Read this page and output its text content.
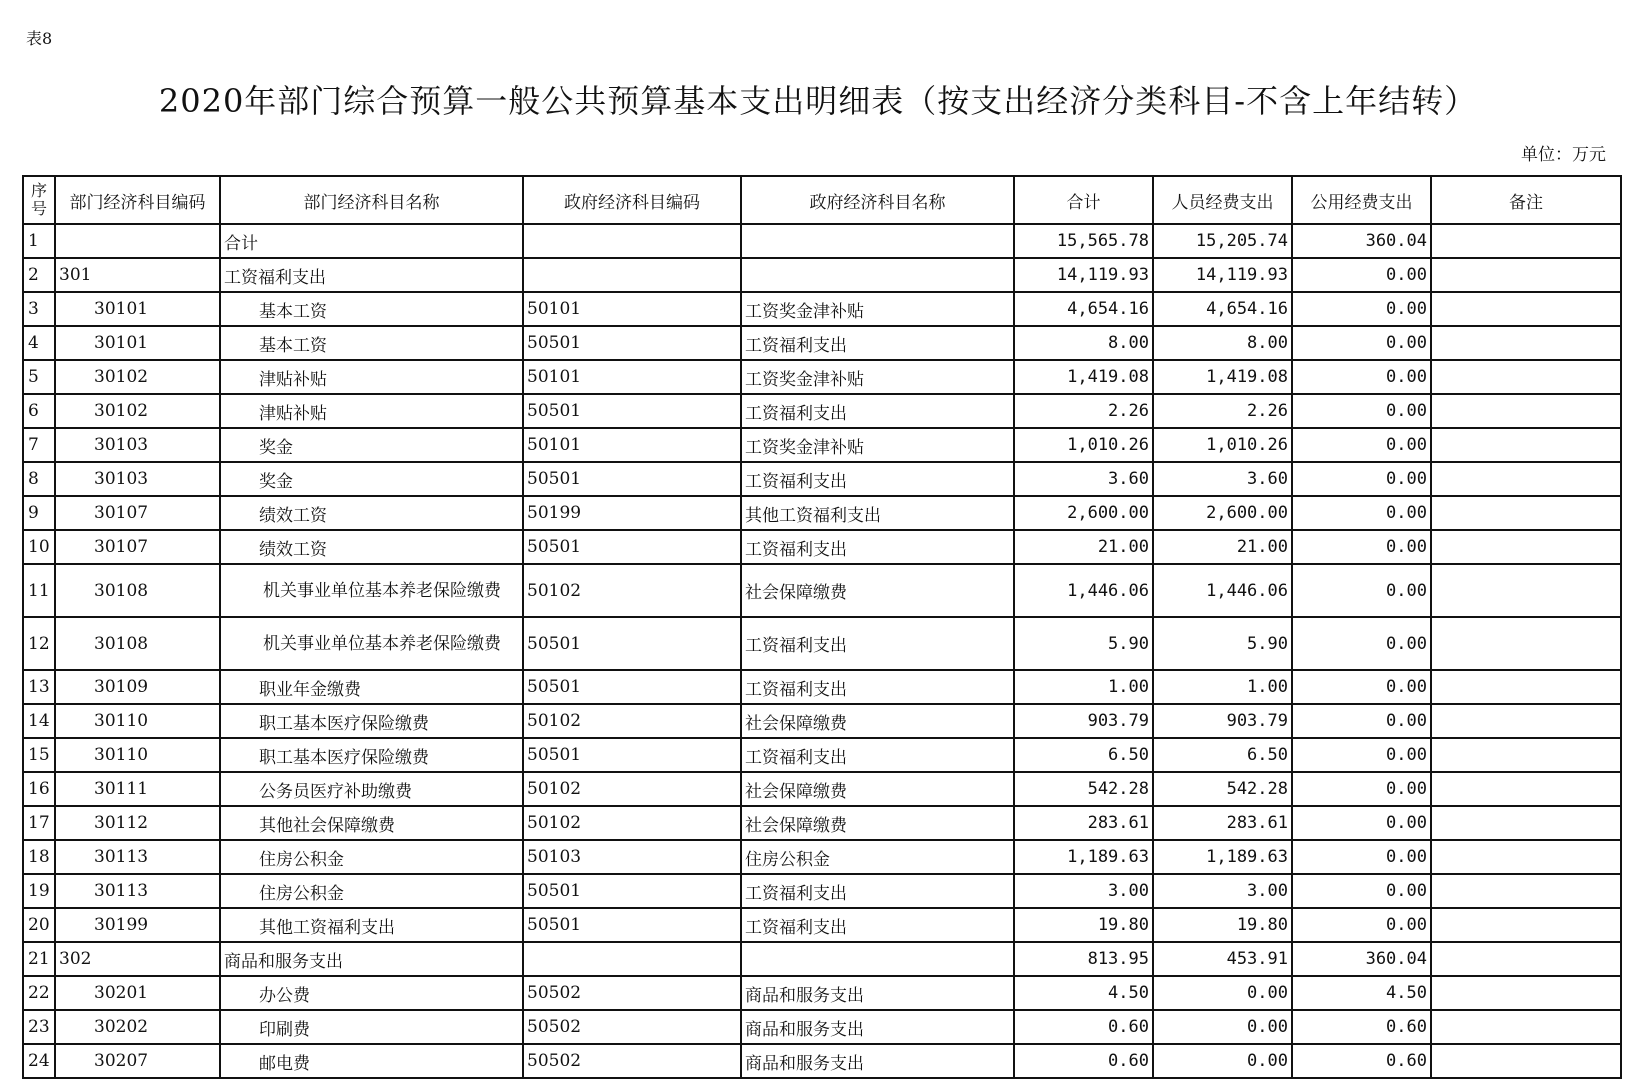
表8
2020年部门综合预算一般公共预算基本支出明细表（按支出经济分类科目-不含上年结转）
单位：万元
序号	部门经济科目编码	部门经济科目名称	政府经济科目编码	政府经济科目名称	合计	人员经费支出	公用经费支出	备注
1		合计			15,565.78	15,205.74	360.04	
2	301	工资福利支出			14,119.93	14,119.93	0.00	
3	30101	基本工资	50101	工资奖金津补贴	4,654.16	4,654.16	0.00	
4	30101	基本工资	50501	工资福利支出	8.00	8.00	0.00	
5	30102	津贴补贴	50101	工资奖金津补贴	1,419.08	1,419.08	0.00	
6	30102	津贴补贴	50501	工资福利支出	2.26	2.26	0.00	
7	30103	奖金	50101	工资奖金津补贴	1,010.26	1,010.26	0.00	
8	30103	奖金	50501	工资福利支出	3.60	3.60	0.00	
9	30107	绩效工资	50199	其他工资福利支出	2,600.00	2,600.00	0.00	
10	30107	绩效工资	50501	工资福利支出	21.00	21.00	0.00	
11	30108	机关事业单位基本养老保险缴费	50102	社会保障缴费	1,446.06	1,446.06	0.00	
12	30108	机关事业单位基本养老保险缴费	50501	工资福利支出	5.90	5.90	0.00	
13	30109	职业年金缴费	50501	工资福利支出	1.00	1.00	0.00	
14	30110	职工基本医疗保险缴费	50102	社会保障缴费	903.79	903.79	0.00	
15	30110	职工基本医疗保险缴费	50501	工资福利支出	6.50	6.50	0.00	
16	30111	公务员医疗补助缴费	50102	社会保障缴费	542.28	542.28	0.00	
17	30112	其他社会保障缴费	50102	社会保障缴费	283.61	283.61	0.00	
18	30113	住房公积金	50103	住房公积金	1,189.63	1,189.63	0.00	
19	30113	住房公积金	50501	工资福利支出	3.00	3.00	0.00	
20	30199	其他工资福利支出	50501	工资福利支出	19.80	19.80	0.00	
21	302	商品和服务支出			813.95	453.91	360.04	
22	30201	办公费	50502	商品和服务支出	4.50	0.00	4.50	
23	30202	印刷费	50502	商品和服务支出	0.60	0.00	0.60	
24	30207	邮电费	50502	商品和服务支出	0.60	0.00	0.60	
